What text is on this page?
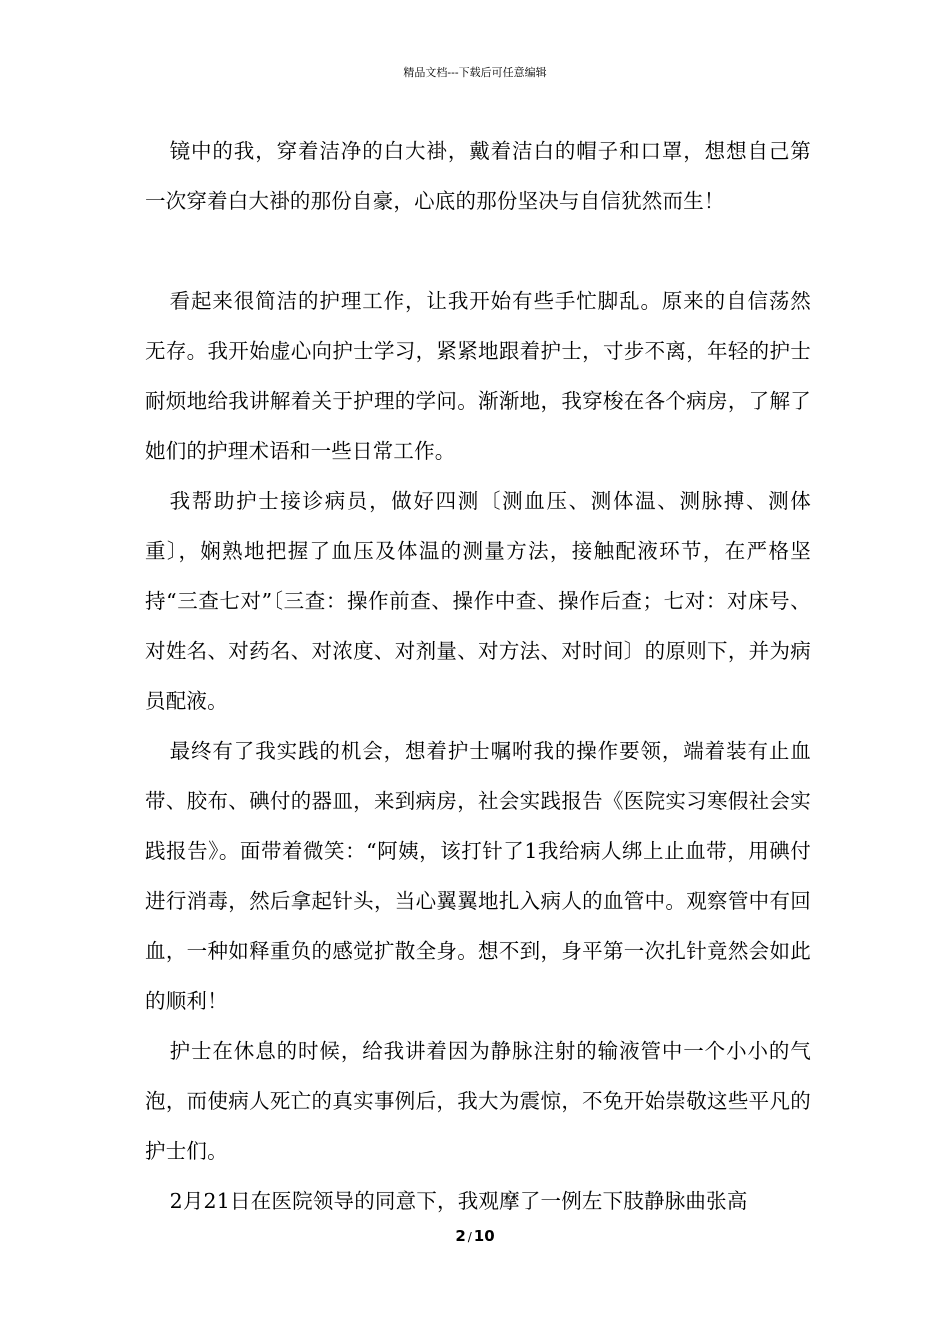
精品文档---下载后可任意编辑

镜中的我，穿着洁净的白大褂，戴着洁白的帽子和口罩，想想自己第一次穿着白大褂的那份自豪，心底的那份坚决与自信犹然而生！

看起来很简洁的护理工作，让我开始有些手忙脚乱。原来的自信荡然无存。我开始虚心向护士学习，紧紧地跟着护士，寸步不离，年轻的护士耐烦地给我讲解着关于护理的学问。渐渐地，我穿梭在各个病房，了解了她们的护理术语和一些日常工作。

我帮助护士接诊病员，做好四测〔测血压、测体温、测脉搏、测体重〕，娴熟地把握了血压及体温的测量方法，接触配液环节，在严格坚持“三查七对”〔三查：操作前查、操作中查、操作后查；七对：对床号、对姓名、对药名、对浓度、对剂量、对方法、对时间〕的原则下，并为病员配液。

最终有了我实践的机会，想着护士嘱咐我的操作要领，端着装有止血带、胶布、碘付的器皿，来到病房，社会实践报告《医院实习寒假社会实践报告》。面带着微笑：“阿姨，该打针了1我给病人绑上止血带，用碘付进行消毒，然后拿起针头，当心翼翼地扎入病人的血管中。观察管中有回血，一种如释重负的感觉扩散全身。想不到，身平第一次扎针竟然会如此的顺利！

护士在休息的时候，给我讲着因为静脉注射的输液管中一个小小的气泡，而使病人死亡的真实事例后，我大为震惊，不免开始崇敬这些平凡的护士们。

2月21日在医院领导的同意下，我观摩了一例左下肢静脉曲张高

2 / 10
